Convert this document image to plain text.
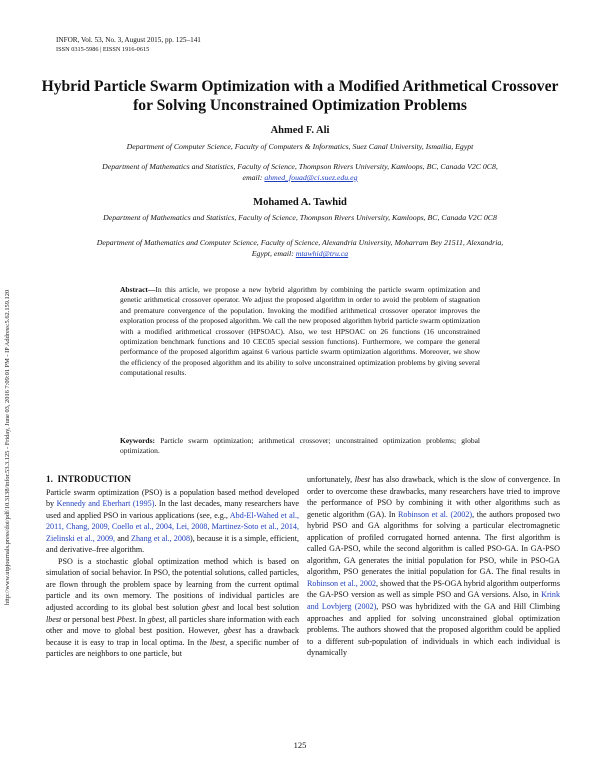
INFOR, Vol. 53, No. 3, August 2015, pp. 125–141
ISSN 0315-5986 | EISSN 1916-0615
http://www.utpjournals.press/doi/pdf/10.3138/infor.53.3.125 - Friday, June 03, 2016 7:09:01 PM - IP Address:5.62.159.120
Hybrid Particle Swarm Optimization with a Modified Arithmetical Crossover for Solving Unconstrained Optimization Problems
Ahmed F. Ali
Department of Computer Science, Faculty of Computers & Informatics, Suez Canal University, Ismailia, Egypt
Department of Mathematics and Statistics, Faculty of Science, Thompson Rivers University, Kamloops, BC, Canada V2C 0C8,
email: ahmed_fouad@ci.suez.edu.eg
Mohamed A. Tawhid
Department of Mathematics and Statistics, Faculty of Science, Thompson Rivers University, Kamloops, BC, Canada V2C 0C8
Department of Mathematics and Computer Science, Faculty of Science, Alexandria University, Moharram Bey 21511, Alexandria,
Egypt, email: mtawhid@tru.ca
Abstract—In this article, we propose a new hybrid algorithm by combining the particle swarm optimization and genetic arithmetical crossover operator. We adjust the proposed algorithm in order to avoid the problem of stagnation and premature convergence of the population. Invoking the modified arithmetical crossover operator improves the exploration process of the proposed algorithm. We call the new proposed algorithm hybrid particle swarm optimization with a modified arithmetical crossover (HPSOAC). Also, we test HPSOAC on 26 functions (16 unconstrained optimization benchmark functions and 10 CEC05 special session functions). Furthermore, we compare the general performance of the proposed algorithm against 6 various particle swarm optimization algorithms. Moreover, we show the efficiency of the proposed algorithm and its ability to solve unconstrained optimization problems by giving several computational results.
Keywords: Particle swarm optimization; arithmetical crossover; unconstrained optimization problems; global optimization.
1. INTRODUCTION

Particle swarm optimization (PSO) is a population based method developed by Kennedy and Eberhart (1995). In the last decades, many researchers have used and applied PSO in various applications (see, e.g., Abd-El-Wahed et al., 2011, Chang, 2009, Coello et al., 2004, Lei, 2008, Martinez-Soto et al., 2014, Zielinski et al., 2009, and Zhang et al., 2008), because it is a simple, efficient, and derivative–free algorithm.

PSO is a stochastic global optimization method which is based on simulation of social behavior. In PSO, the potential solutions, called particles, are flown through the problem space by learning from the current optimal particle and its own memory. The positions of individual particles are adjusted according to its global best solution gbest and local best solution lbest or personal best Pbest. In gbest, all particles share information with each other and move to global best position. However, gbest has a drawback because it is easy to trap in local optima. In the lbest, a specific number of particles are neighbors to one particle, but

unfortunately, lbest has also drawback, which is the slow of convergence. In order to overcome these drawbacks, many researchers have tried to improve the performance of PSO by combining it with other algorithms such as genetic algorithm (GA). In Robinson et al. (2002), the authors proposed two hybrid PSO and GA algorithms for solving a particular electromagnetic application of profiled corrugated horned antenna. The first algorithm is called GA-PSO, while the second algorithm is called PSO-GA. In GA-PSO algorithm, GA generates the initial population for PSO, while in PSO-GA algorithm, PSO generates the initial population for GA. The final results in Robinson et al., 2002, showed that the PS-OGA hybrid algorithm outperforms the GA-PSO version as well as simple PSO and GA versions. Also, in Krink and Lovbjerg (2002), PSO was hybridized with the GA and Hill Climbing approaches and applied for solving unconstrained global optimization problems. The authors showed that the proposed algorithm could be applied to a different sub-population of individuals in which each individual is dynamically

125
